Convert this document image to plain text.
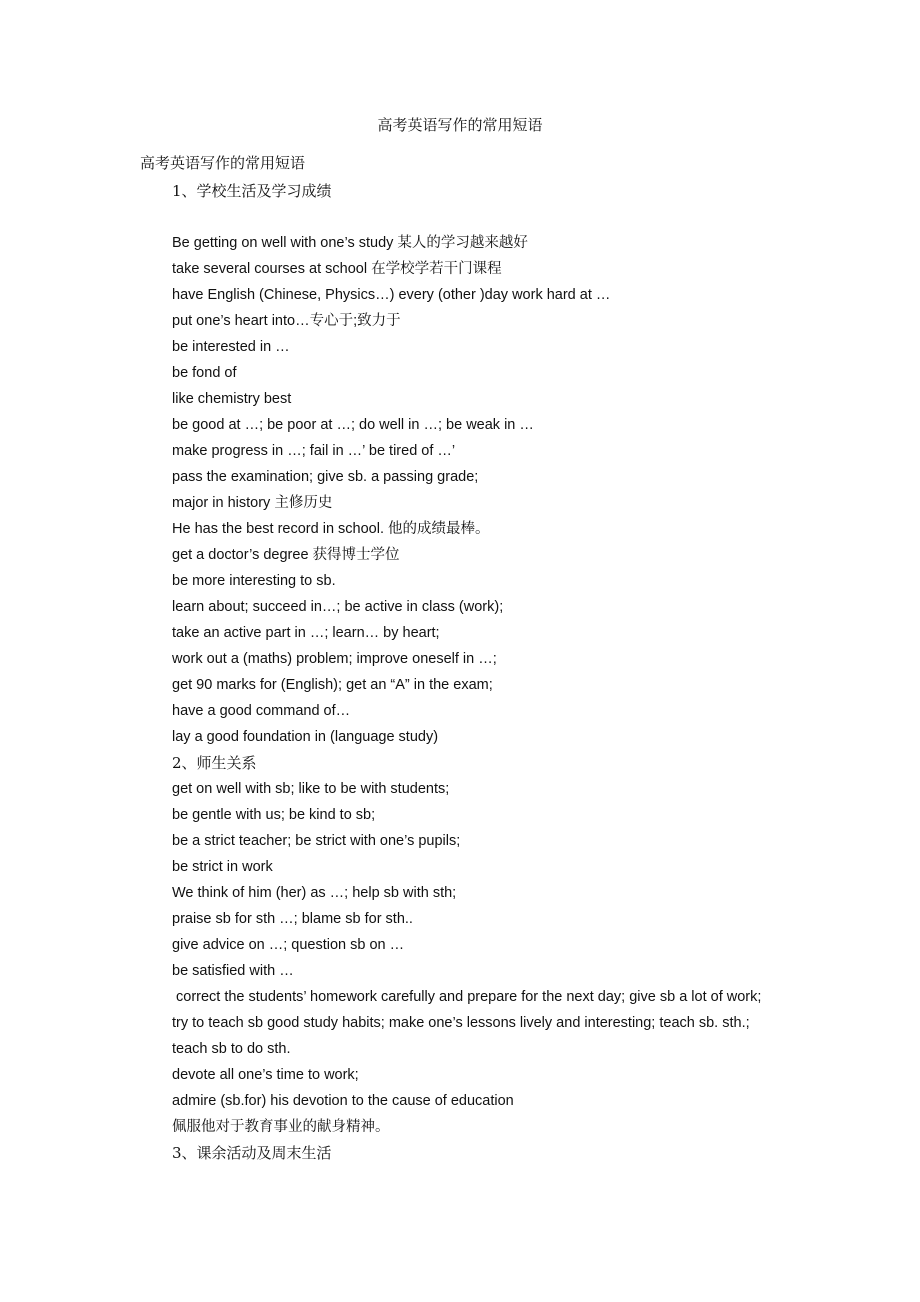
高考英语写作的常用短语
高考英语写作的常用短语
1、学校生活及学习成绩
Be getting on well with one’s study 某人的学习越来越好
take several courses at school 在学校学若干门课程
have English (Chinese, Physics…) every (other )day work hard at …
put one’s heart into…专心于;致力于
be interested in …
be fond of
like chemistry best
be good at …; be poor at …; do well in …; be weak in …
make progress in …; fail in …’ be tired of …’
pass the examination; give sb. a passing grade;
major in history 主修历史
He has the best record in school. 他的成绩最棒。
get a doctor’s degree 获得博士学位
be more interesting to sb.
learn about; succeed in…; be active in class (work);
take an active part in …; learn… by heart;
work out a (maths) problem; improve oneself in …;
get 90 marks for (English); get an “A” in the exam;
have a good command of…
lay a good foundation in (language study)
2、师生关系
get on well with sb; like to be with students;
be gentle with us; be kind to sb;
be a strict teacher; be strict with one’s pupils;
be strict in work
We think of him (her) as …; help sb with sth;
praise sb for sth …; blame sb for sth..
give advice on …; question sb on …
be satisfied with …
correct the students’ homework carefully and prepare for the next day; give sb a lot of work;
try to teach sb good study habits; make one’s lessons lively and interesting; teach sb. sth.;
teach sb to do sth.
devote all one’s time to work;
admire (sb.for) his devotion to the cause of education
佩服他对于教育事业的献身精神。
3、课余活动及周末生活
